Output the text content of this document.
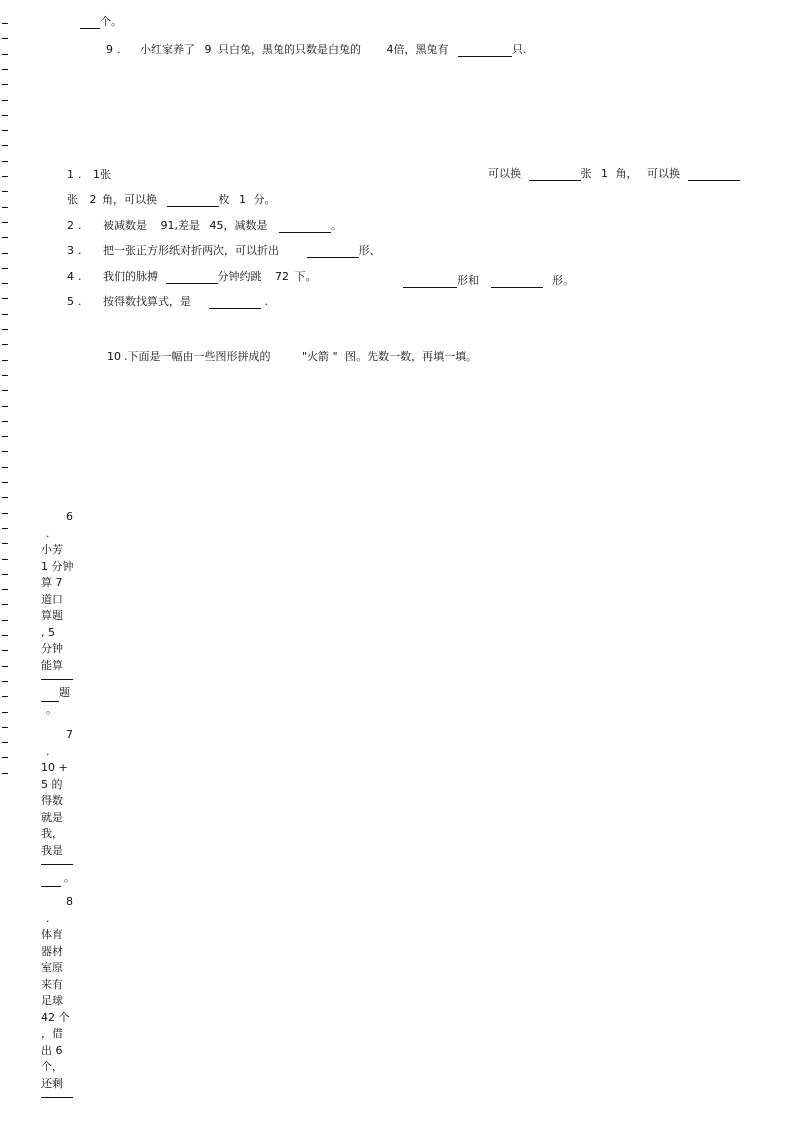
个。
9 . 小红家养了 9 只白兔，黑兔的只数是白兔的 4倍，黑兔有	只.
1 . 1张	可以换	张 1 角， 可以换
张 2 角，可以换	枚 1 分。
2 . 被减数是 91,差是 45，减数是	。
3 . 把一张正方形纸对折两次，可以折出	形、
4 . 我们的脉搏	分钟约跳 72 下。	形和	形。
5 . 按得数找算式，是	.
10 .下面是一幅由一些图形拼成的	"火箭 " 图。先数一数，再填一填。
6
.
小芳
1 分钟
算 7
道口
算题
, 5
分钟
能算
题
。
7
.
10 +
5 的
得数
就是
我，
我是
。
8
.
体育
器材
室原
来有
足球
42 个
，借
出 6
个，
还剩
